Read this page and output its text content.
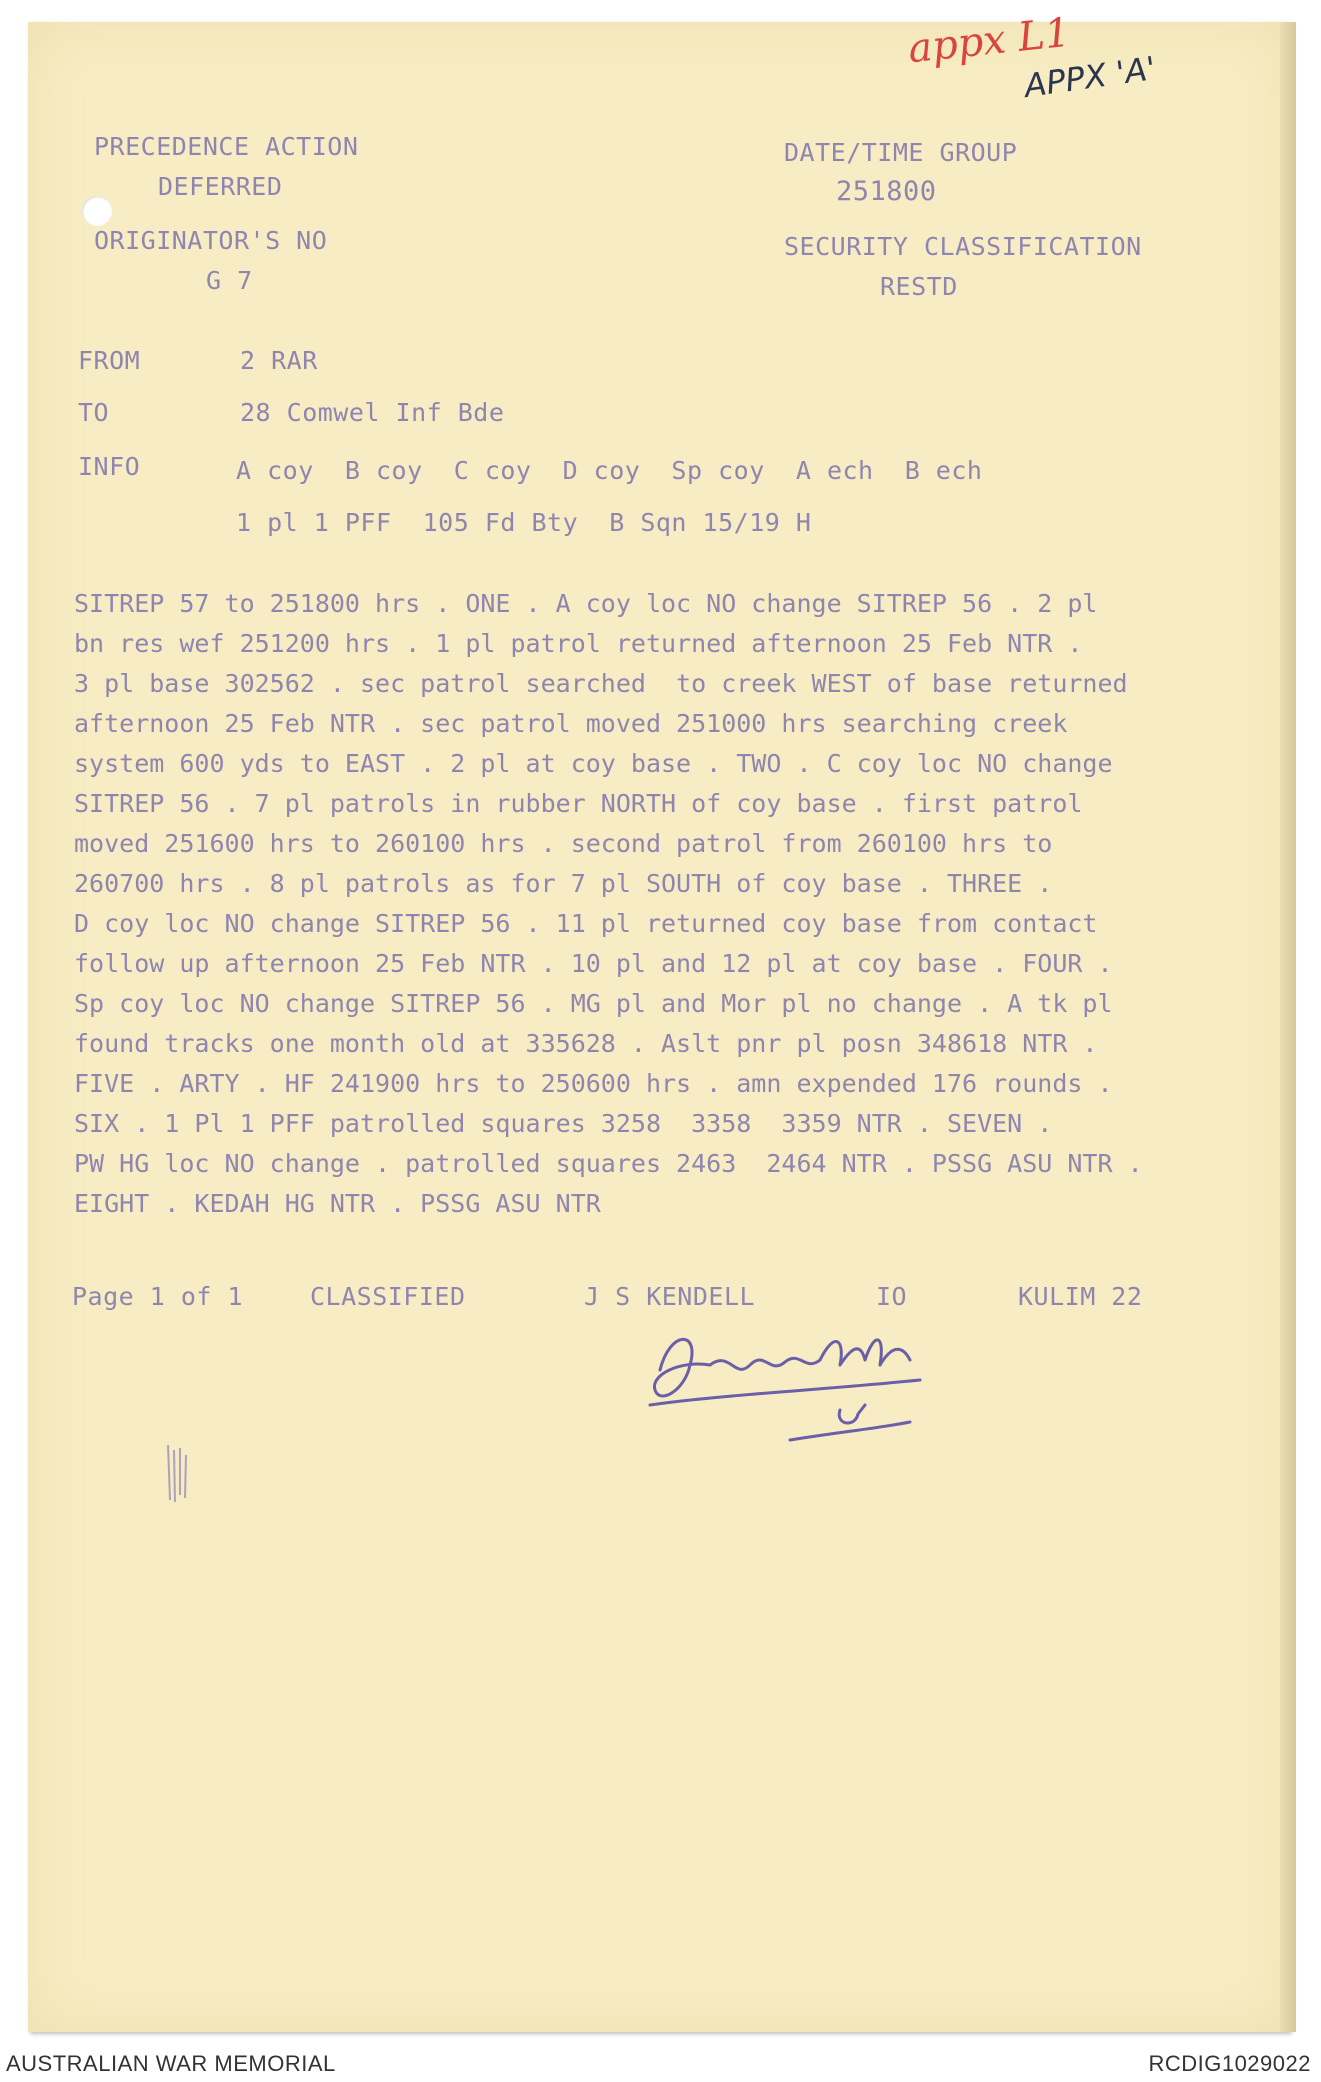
appx L1
APPX 'A'
PRECEDENCE ACTION
DEFERRED
ORIGINATOR'S NO
G 7
DATE/TIME GROUP
251800
SECURITY CLASSIFICATION
RESTD
FROM	2 RAR
TO	28 Comwel Inf Bde
INFO	A coy  B coy  C coy  D coy  Sp coy  A ech  B ech
1 pl 1 PFF  105 Fd Bty  B Sqn 15/19 H
SITREP 57 to 251800 hrs . ONE . A coy loc NO change SITREP 56 . 2 pl
bn res wef 251200 hrs . 1 pl patrol returned afternoon 25 Feb NTR .
3 pl base 302562 . sec patrol searched  to creek WEST of base returned
afternoon 25 Feb NTR . sec patrol moved 251000 hrs searching creek
system 600 yds to EAST . 2 pl at coy base . TWO . C coy loc NO change
SITREP 56 . 7 pl patrols in rubber NORTH of coy base . first patrol
moved 251600 hrs to 260100 hrs . second patrol from 260100 hrs to
260700 hrs . 8 pl patrols as for 7 pl SOUTH of coy base . THREE .
D coy loc NO change SITREP 56 . 11 pl returned coy base from contact
follow up afternoon 25 Feb NTR . 10 pl and 12 pl at coy base . FOUR .
Sp coy loc NO change SITREP 56 . MG pl and Mor pl no change . A tk pl
found tracks one month old at 335628 . Aslt pnr pl posn 348618 NTR .
FIVE . ARTY . HF 241900 hrs to 250600 hrs . amn expended 176 rounds .
SIX . 1 Pl 1 PFF patrolled squares 3258  3358  3359 NTR . SEVEN .
PW HG loc NO change . patrolled squares 2463  2464 NTR . PSSG ASU NTR .
EIGHT . KEDAH HG NTR . PSSG ASU NTR
Page 1 of 1	CLASSIFIED	J S KENDELL	IO	KULIM 22
AUSTRALIAN WAR MEMORIAL	RCDIG1029022
